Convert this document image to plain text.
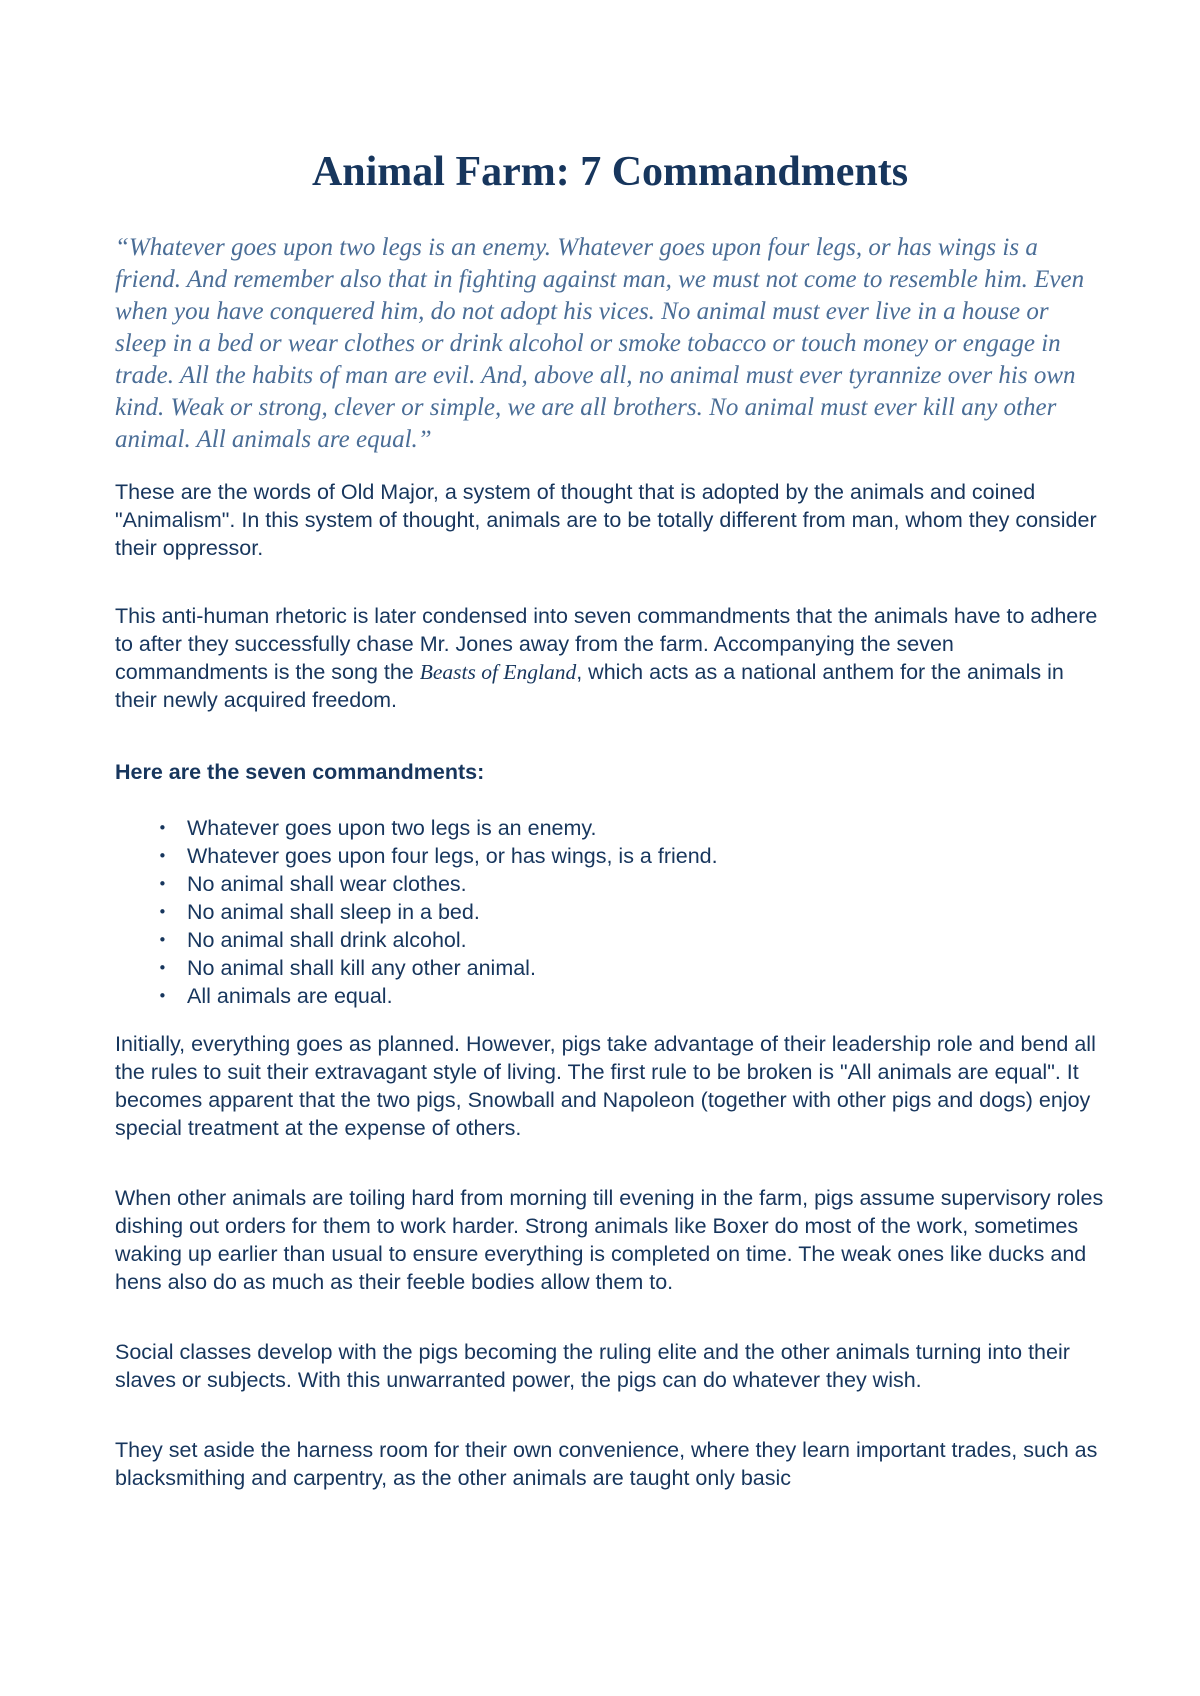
Animal Farm: 7 Commandments

“Whatever goes upon two legs is an enemy. Whatever goes upon four legs, or has wings is a friend. And remember also that in fighting against man, we must not come to resemble him. Even when you have conquered him, do not adopt his vices. No animal must ever live in a house or sleep in a bed or wear clothes or drink alcohol or smoke tobacco or touch money or engage in trade. All the habits of man are evil. And, above all, no animal must ever tyrannize over his own kind. Weak or strong, clever or simple, we are all brothers. No animal must ever kill any other animal. All animals are equal.”

These are the words of Old Major, a system of thought that is adopted by the animals and coined "Animalism". In this system of thought, animals are to be totally different from man, whom they consider their oppressor.

This anti-human rhetoric is later condensed into seven commandments that the animals have to adhere to after they successfully chase Mr. Jones away from the farm. Accompanying the seven commandments is the song the Beasts of England, which acts as a national anthem for the animals in their newly acquired freedom.

Here are the seven commandments:
• Whatever goes upon two legs is an enemy.
• Whatever goes upon four legs, or has wings, is a friend.
• No animal shall wear clothes.
• No animal shall sleep in a bed.
• No animal shall drink alcohol.
• No animal shall kill any other animal.
• All animals are equal.

Initially, everything goes as planned. However, pigs take advantage of their leadership role and bend all the rules to suit their extravagant style of living. The first rule to be broken is "All animals are equal". It becomes apparent that the two pigs, Snowball and Napoleon (together with other pigs and dogs) enjoy special treatment at the expense of others.

When other animals are toiling hard from morning till evening in the farm, pigs assume supervisory roles dishing out orders for them to work harder. Strong animals like Boxer do most of the work, sometimes waking up earlier than usual to ensure everything is completed on time. The weak ones like ducks and hens also do as much as their feeble bodies allow them to.

Social classes develop with the pigs becoming the ruling elite and the other animals turning into their slaves or subjects. With this unwarranted power, the pigs can do whatever they wish.

They set aside the harness room for their own convenience, where they learn important trades, such as blacksmithing and carpentry, as the other animals are taught only basic
